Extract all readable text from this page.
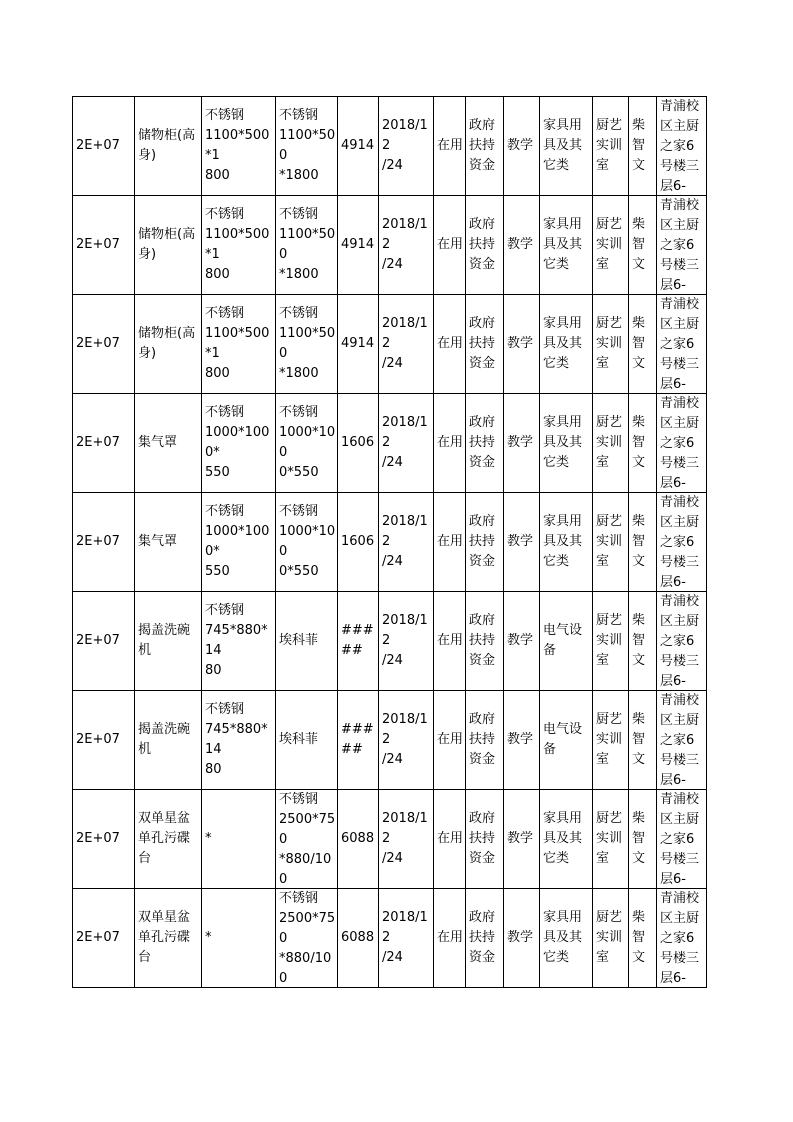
2E+07	储物柜(高
身)	不锈钢
1100*500*1
800	不锈钢
1100*500
*1800	4914	2018/12
/24	在用	政府
扶持
资金	教学	家具用
具及其
它类	厨艺
实训
室	柴
智
文	青浦校
区主厨
之家6
号楼三
层6-

2E+07	储物柜(高
身)	不锈钢
1100*500*1
800	不锈钢
1100*500
*1800	4914	2018/12
/24	在用	政府
扶持
资金	教学	家具用
具及其
它类	厨艺
实训
室	柴
智
文	青浦校
区主厨
之家6
号楼三
层6-

2E+07	储物柜(高
身)	不锈钢
1100*500*1
800	不锈钢
1100*500
*1800	4914	2018/12
/24	在用	政府
扶持
资金	教学	家具用
具及其
它类	厨艺
实训
室	柴
智
文	青浦校
区主厨
之家6
号楼三
层6-

2E+07	集气罩	不锈钢
1000*1000*
550	不锈钢
1000*100
0*550	1606	2018/12
/24	在用	政府
扶持
资金	教学	家具用
具及其
它类	厨艺
实训
室	柴
智
文	青浦校
区主厨
之家6
号楼三
层6-

2E+07	集气罩	不锈钢
1000*1000*
550	不锈钢
1000*100
0*550	1606	2018/12
/24	在用	政府
扶持
资金	教学	家具用
具及其
它类	厨艺
实训
室	柴
智
文	青浦校
区主厨
之家6
号楼三
层6-

2E+07	揭盖洗碗
机	不锈钢
745*880*14
80	埃科菲	#####	2018/12
/24	在用	政府
扶持
资金	教学	电气设
备	厨艺
实训
室	柴
智
文	青浦校
区主厨
之家6
号楼三
层6-

2E+07	揭盖洗碗
机	不锈钢
745*880*14
80	埃科菲	#####	2018/12
/24	在用	政府
扶持
资金	教学	电气设
备	厨艺
实训
室	柴
智
文	青浦校
区主厨
之家6
号楼三
层6-

2E+07	双单星盆
单孔污碟
台	*	不锈钢
2500*750
*880/100	6088	2018/12
/24	在用	政府
扶持
资金	教学	家具用
具及其
它类	厨艺
实训
室	柴
智
文	青浦校
区主厨
之家6
号楼三
层6-

2E+07	双单星盆
单孔污碟
台	*	不锈钢
2500*750
*880/100	6088	2018/12
/24	在用	政府
扶持
资金	教学	家具用
具及其
它类	厨艺
实训
室	柴
智
文	青浦校
区主厨
之家6
号楼三
层6-
